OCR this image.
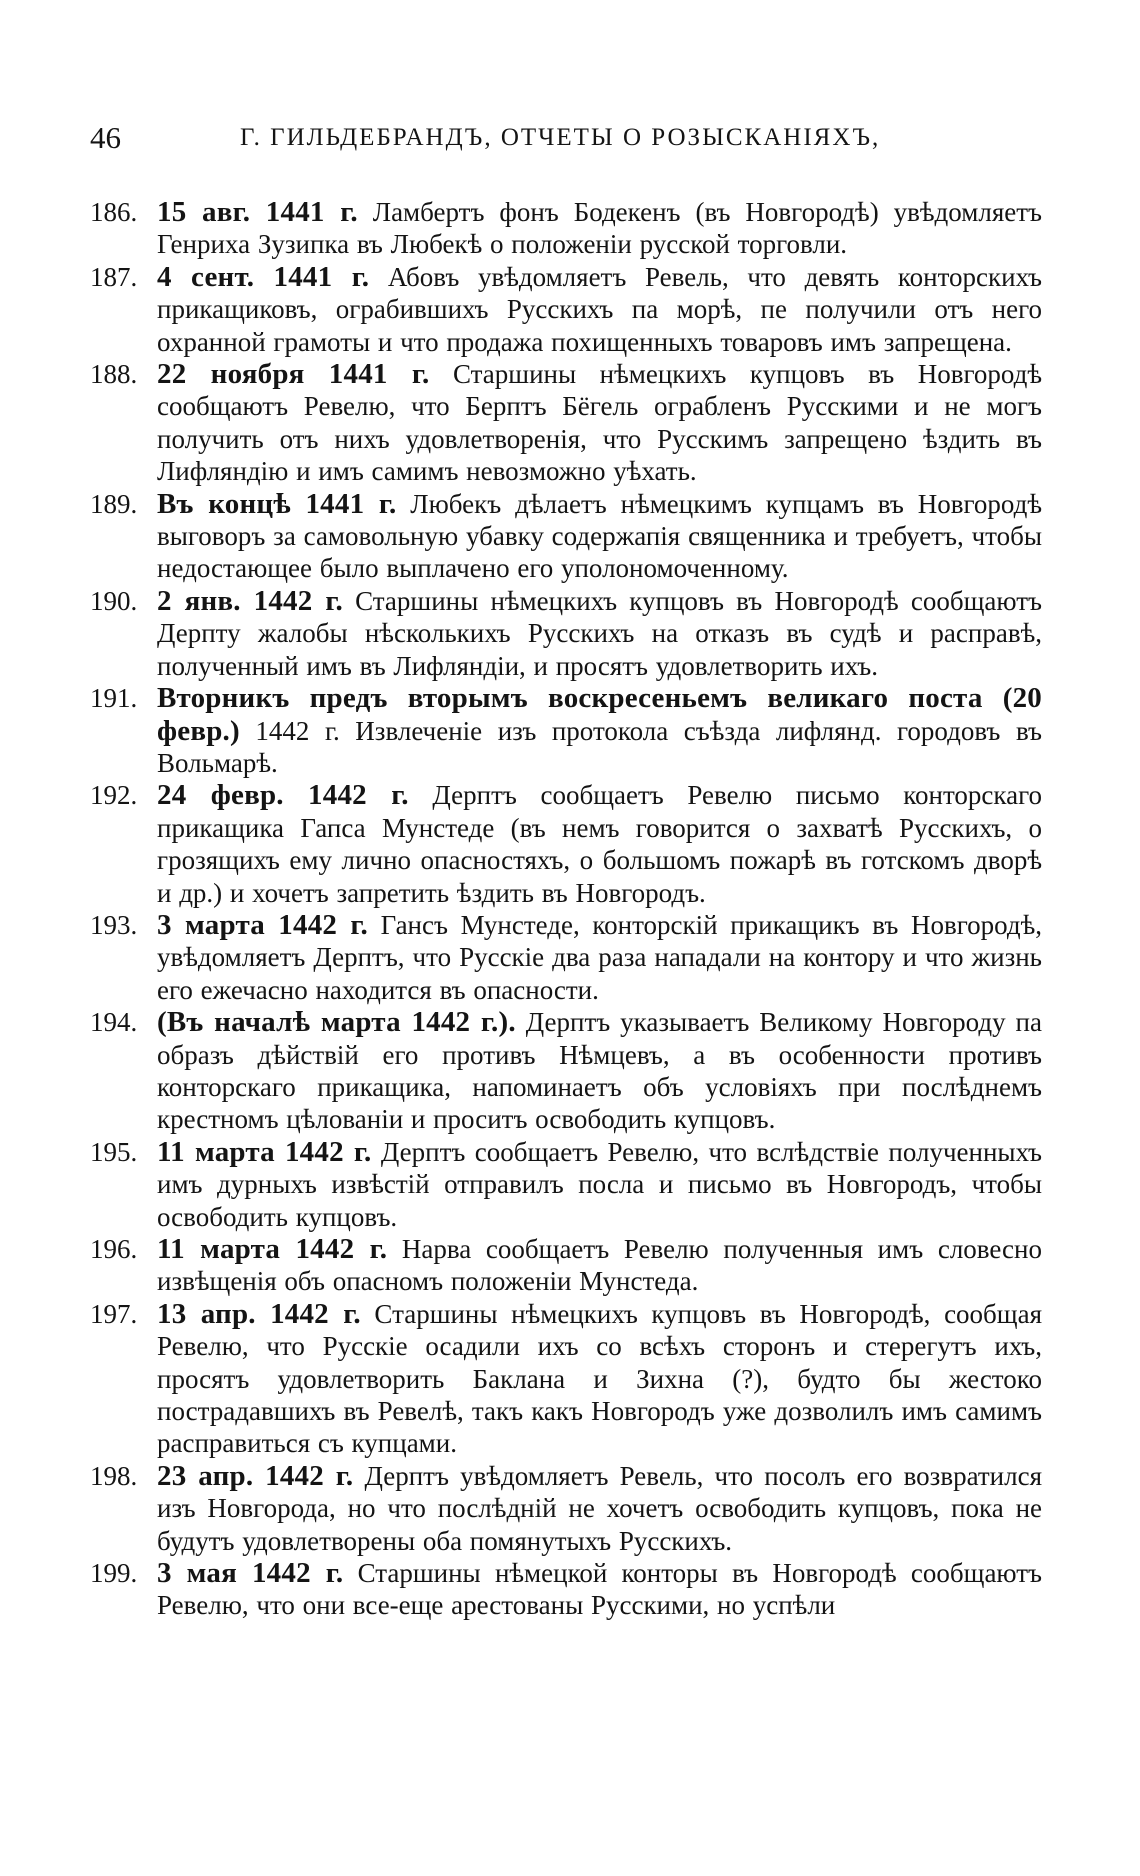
46	Г. ГИЛЬДЕБРАНДЪ, ОТЧЕТЫ О РОЗЫСКАНІЯХЪ,
186. 15 авг. 1441 г. Ламбертъ фонъ Бодекенъ (въ Новгородѣ) увѣдомляетъ Генриха Зузипка въ Любекѣ о положеніи русской торговли.
187. 4 сент. 1441 г. Абовъ увѣдомляетъ Ревель, что девять конторскихъ прикащиковъ, ограбившихъ Русскихъ па морѣ, пе получили отъ него охранной грамоты и что продажа похищенныхъ товаровъ имъ запрещена.
188. 22 ноября 1441 г. Старшины нѣмецкихъ купцовъ въ Новгородѣ сообщаютъ Ревелю, что Берптъ Бёгель ограбленъ Русскими и не могъ получить отъ нихъ удовлетворенія, что Русскимъ запрещено ѣздить въ Лифляндію и имъ самимъ невозможно уѣхать.
189. Въ концѣ 1441 г. Любекъ дѣлаетъ нѣмецкимъ купцамъ въ Новгородѣ выговоръ за самовольную убавку содержапія священника и требуетъ, чтобы недостающее было выплачено его уполономоченному.
190. 2 янв. 1442 г. Старшины нѣмецкихъ купцовъ въ Новгородѣ сообщаютъ Дерпту жалобы нѣсколькихъ Русскихъ на отказъ въ судѣ и расправѣ, полученный имъ въ Лифляндіи, и просятъ удовлетворить ихъ.
191. Вторникъ предъ вторымъ воскресеньемъ великаго поста (20 февр.) 1442 г. Извлеченіе изъ протокола съѣзда лифлянд. городовъ въ Вольмарѣ.
192. 24 февр. 1442 г. Дерптъ сообщаетъ Ревелю письмо конторскаго прикащика Гапса Мунстеде (въ немъ говорится о захватѣ Русскихъ, о грозящихъ ему лично опасностяхъ, о большомъ пожарѣ въ готскомъ дворѣ и др.) и хочетъ запретить ѣздить въ Новгородъ.
193. 3 марта 1442 г. Гансъ Мунстеде, конторскій прикащикъ въ Новгородѣ, увѣдомляетъ Дерптъ, что Русскіе два раза нападали на контору и что жизнь его ежечасно находится въ опасности.
194. (Въ началѣ марта 1442 г.). Дерптъ указываетъ Великому Новгороду па образъ дѣйствій его противъ Нѣмцевъ, а въ особенности противъ конторскаго прикащика, напоминаетъ объ условіяхъ при послѣднемъ крестномъ цѣлованіи и проситъ освободить купцовъ.
195. 11 марта 1442 г. Дерптъ сообщаетъ Ревелю, что вслѣдствіе полученныхъ имъ дурныхъ извѣстій отправилъ посла и письмо въ Новгородъ, чтобы освободить купцовъ.
196. 11 марта 1442 г. Нарва сообщаетъ Ревелю полученныя имъ словесно извѣщенія объ опасномъ положеніи Мунстеда.
197. 13 апр. 1442 г. Старшины нѣмецкихъ купцовъ въ Новгородѣ, сообщая Ревелю, что Русскіе осадили ихъ со всѣхъ сторонъ и стерегутъ ихъ, просятъ удовлетворить Баклана и Зихна (?), будто бы жестоко пострадавшихъ въ Ревелѣ, такъ какъ Новгородъ уже дозволилъ имъ самимъ расправиться съ купцами.
198. 23 апр. 1442 г. Дерптъ увѣдомляетъ Ревель, что посолъ его возвратился изъ Новгорода, но что послѣдній не хочетъ освободить купцовъ, пока не будутъ удовлетворены оба помянутыхъ Русскихъ.
199. 3 мая 1442 г. Старшины нѣмецкой конторы въ Новгородѣ сообщаютъ Ревелю, что они все-еще арестованы Русскими, но успѣли
